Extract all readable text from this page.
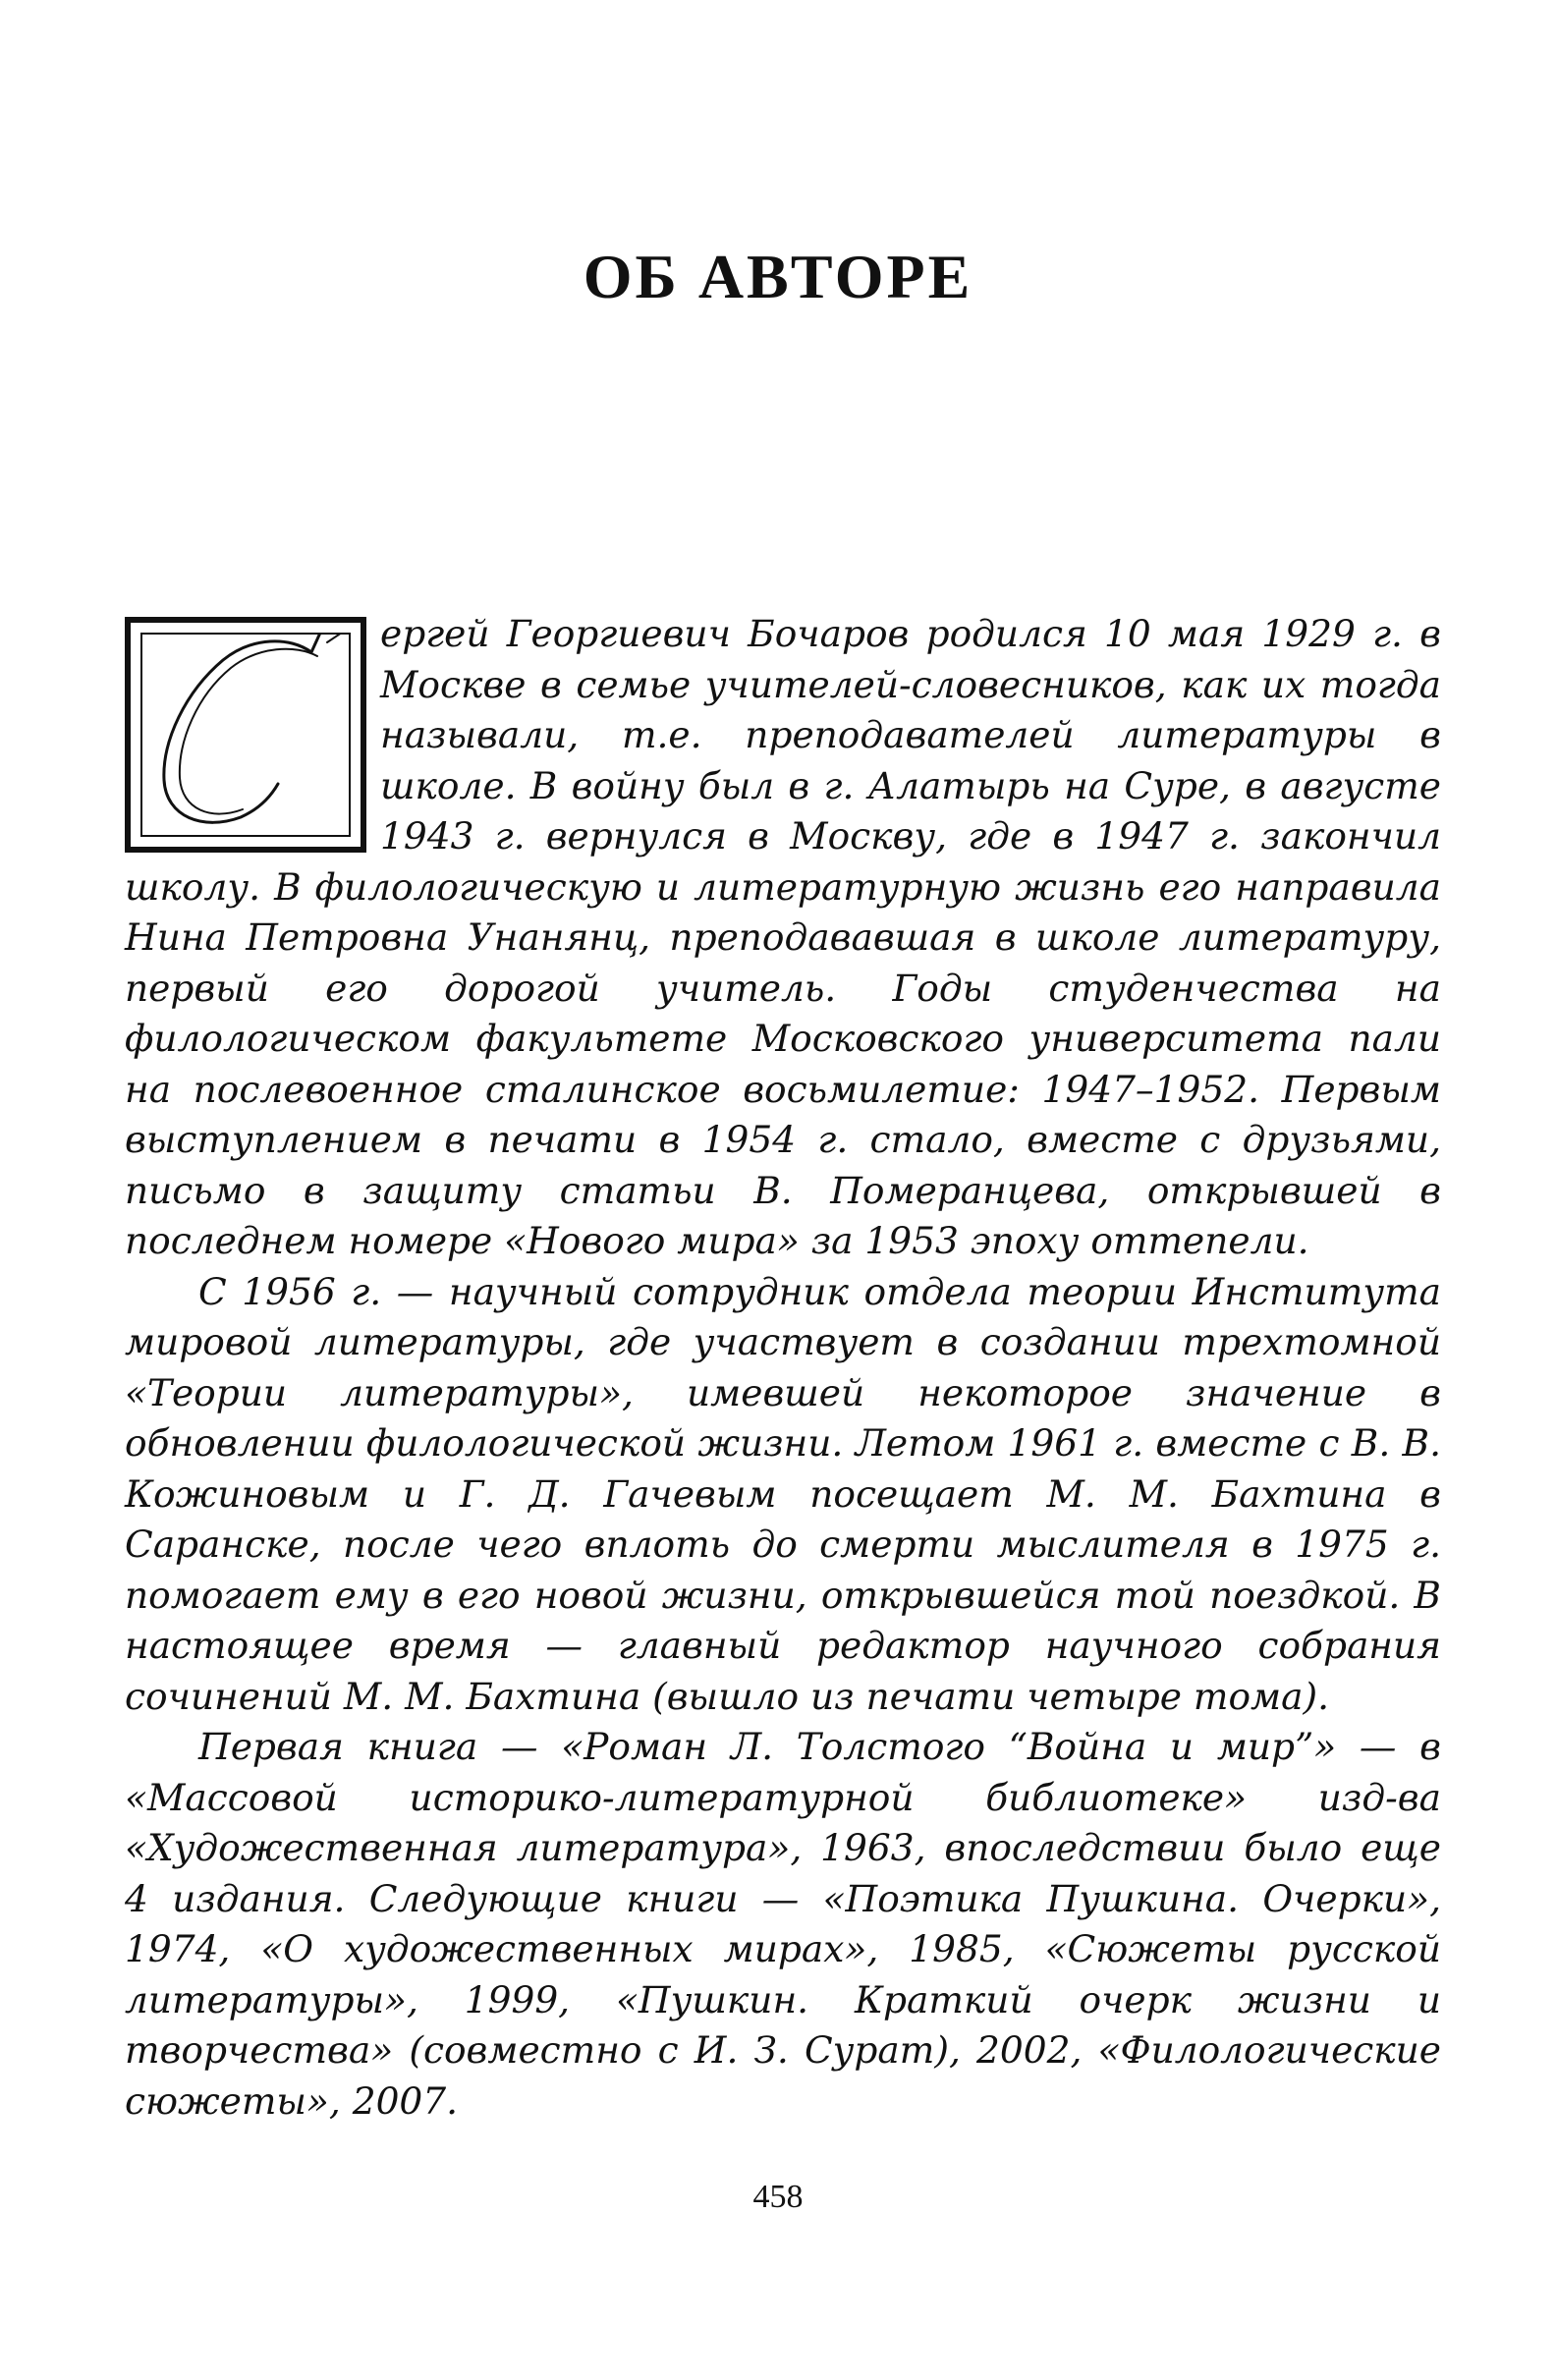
ОБ АВТОРЕ

ергей Георгиевич Бочаров родился 10 мая 1929 г. в Москве в семье учителей-словесников, как их тогда называли, т.е. преподавателей литературы в школе. В войну был в г. Алатырь на Суре, в августе 1943 г. вернулся в Москву, где в 1947 г. закончил школу. В филологическую и литературную жизнь его направила Нина Петровна Унанянц, преподававшая в школе литературу, первый его дорогой учитель. Годы студенчества на филологическом факультете Московского университета пали на послевоенное сталинское восьмилетие: 1947–1952. Первым выступлением в печати в 1954 г. стало, вместе с друзьями, письмо в защиту статьи В. Померанцева, открывшей в последнем номере «Нового мира» за 1953 эпоху оттепели.

С 1956 г. — научный сотрудник отдела теории Института мировой литературы, где участвует в создании трехтомной «Теории литературы», имевшей некоторое значение в обновлении филологической жизни. Летом 1961 г. вместе с В. В. Кожиновым и Г. Д. Гачевым посещает М. М. Бахтина в Саранске, после чего вплоть до смерти мыслителя в 1975 г. помогает ему в его новой жизни, открывшейся той поездкой. В настоящее время — главный редактор научного собрания сочинений М. М. Бахтина (вышло из печати четыре тома).

Первая книга — «Роман Л. Толстого “Война и мир”» — в «Массовой историко-литературной библиотеке» изд-ва «Художественная литература», 1963, впоследствии было еще 4 издания. Следующие книги — «Поэтика Пушкина. Очерки», 1974, «О художественных мирах», 1985, «Сюжеты русской литературы», 1999, «Пушкин. Краткий очерк жизни и творчества» (совместно с И. З. Сурат), 2002, «Филологические сюжеты», 2007.

458
